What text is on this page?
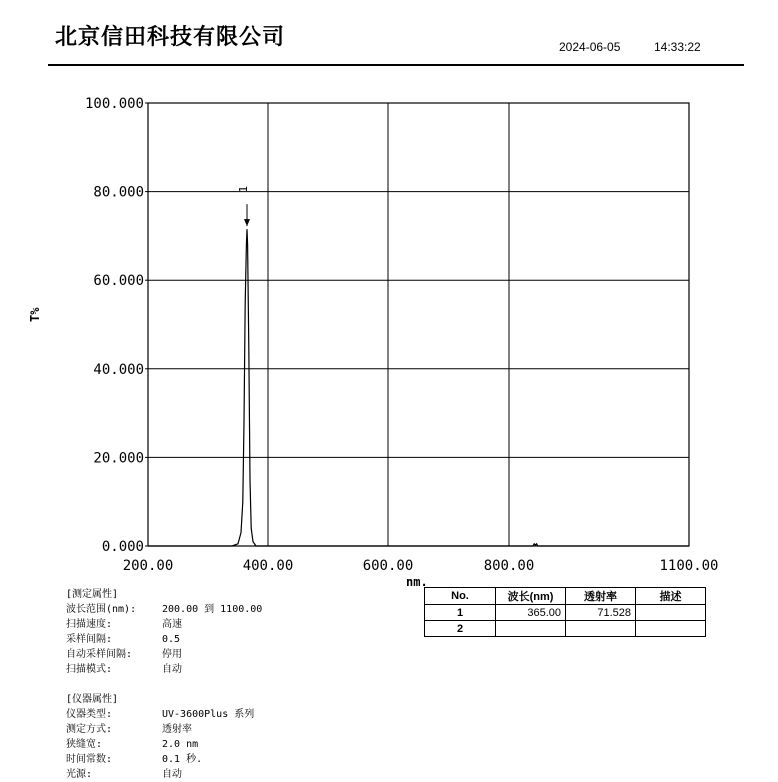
北京信田科技有限公司	2024-06-05	14:33:22
0.000
20.000
40.000
60.000
80.000
100.000
200.00	400.00	600.00	800.00	1100.00
1
T%
nm.
[测定属性]
波长范围(nm):	200.00 到 1100.00
扫描速度:	高速
采样间隔:	0.5
自动采样间隔:	停用
扫描模式:	自动
[仪器属性]
仪器类型:	UV-3600Plus 系列
测定方式:	透射率
狭缝宽:	2.0 nm
时间常数:	0.1 秒.
光源:	自动
No.	波长(nm)	透射率	描述
1	365.00	71.528	
2			
